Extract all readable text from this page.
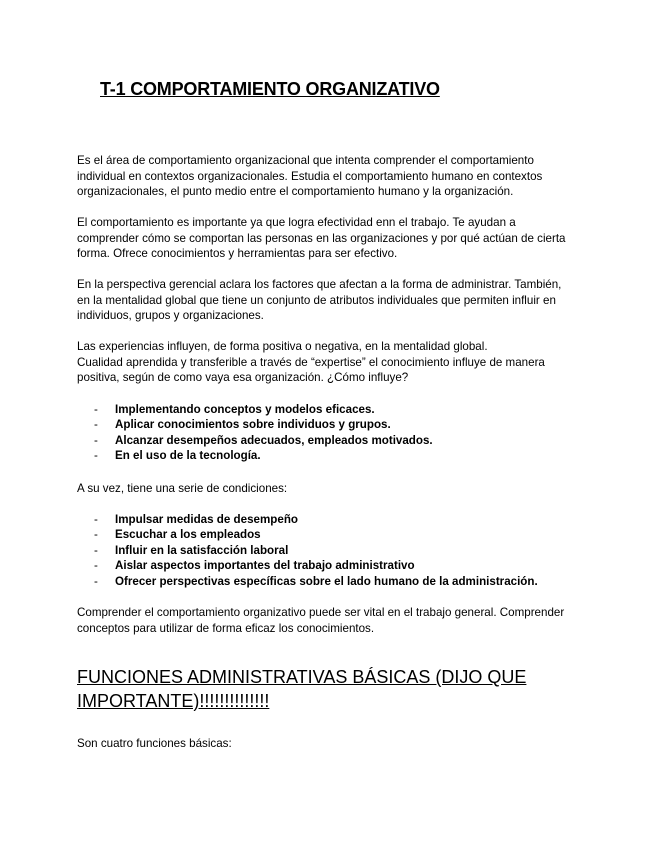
T-1 COMPORTAMIENTO ORGANIZATIVO

Es el área de comportamiento organizacional que intenta comprender el comportamiento individual en contextos organizacionales. Estudia el comportamiento humano en contextos organizacionales, el punto medio entre el comportamiento humano y la organización.

El comportamiento es importante ya que logra efectividad enn el trabajo. Te ayudan a comprender cómo se comportan las personas en las organizaciones y por qué actúan de cierta forma. Ofrece conocimientos y herramientas para ser efectivo.

En la perspectiva gerencial aclara los factores que afectan a la forma de administrar. También, en la mentalidad global que tiene un conjunto de atributos individuales que permiten influir en individuos, grupos y organizaciones.

Las experiencias influyen, de forma positiva o negativa, en la mentalidad global.
Cualidad aprendida y transferible a través de “expertise” el conocimiento influye de manera positiva, según de como vaya esa organización. ¿Cómo influye?
- Implementando conceptos y modelos eficaces.
- Aplicar conocimientos sobre individuos y grupos.
- Alcanzar desempeños adecuados, empleados motivados.
- En el uso de la tecnología.

A su vez, tiene una serie de condiciones:

- Impulsar medidas de desempeño
- Escuchar a los empleados
- Influir en la satisfacción laboral
- Aislar aspectos importantes del trabajo administrativo
- Ofrecer perspectivas específicas sobre el lado humano de la administración.

Comprender el comportamiento organizativo puede ser vital en el trabajo general. Comprender conceptos para utilizar de forma eficaz los conocimientos.

FUNCIONES ADMINISTRATIVAS BÁSICAS (DIJO QUE IMPORTANTE)!!!!!!!!!!!!!!

Son cuatro funciones básicas:
